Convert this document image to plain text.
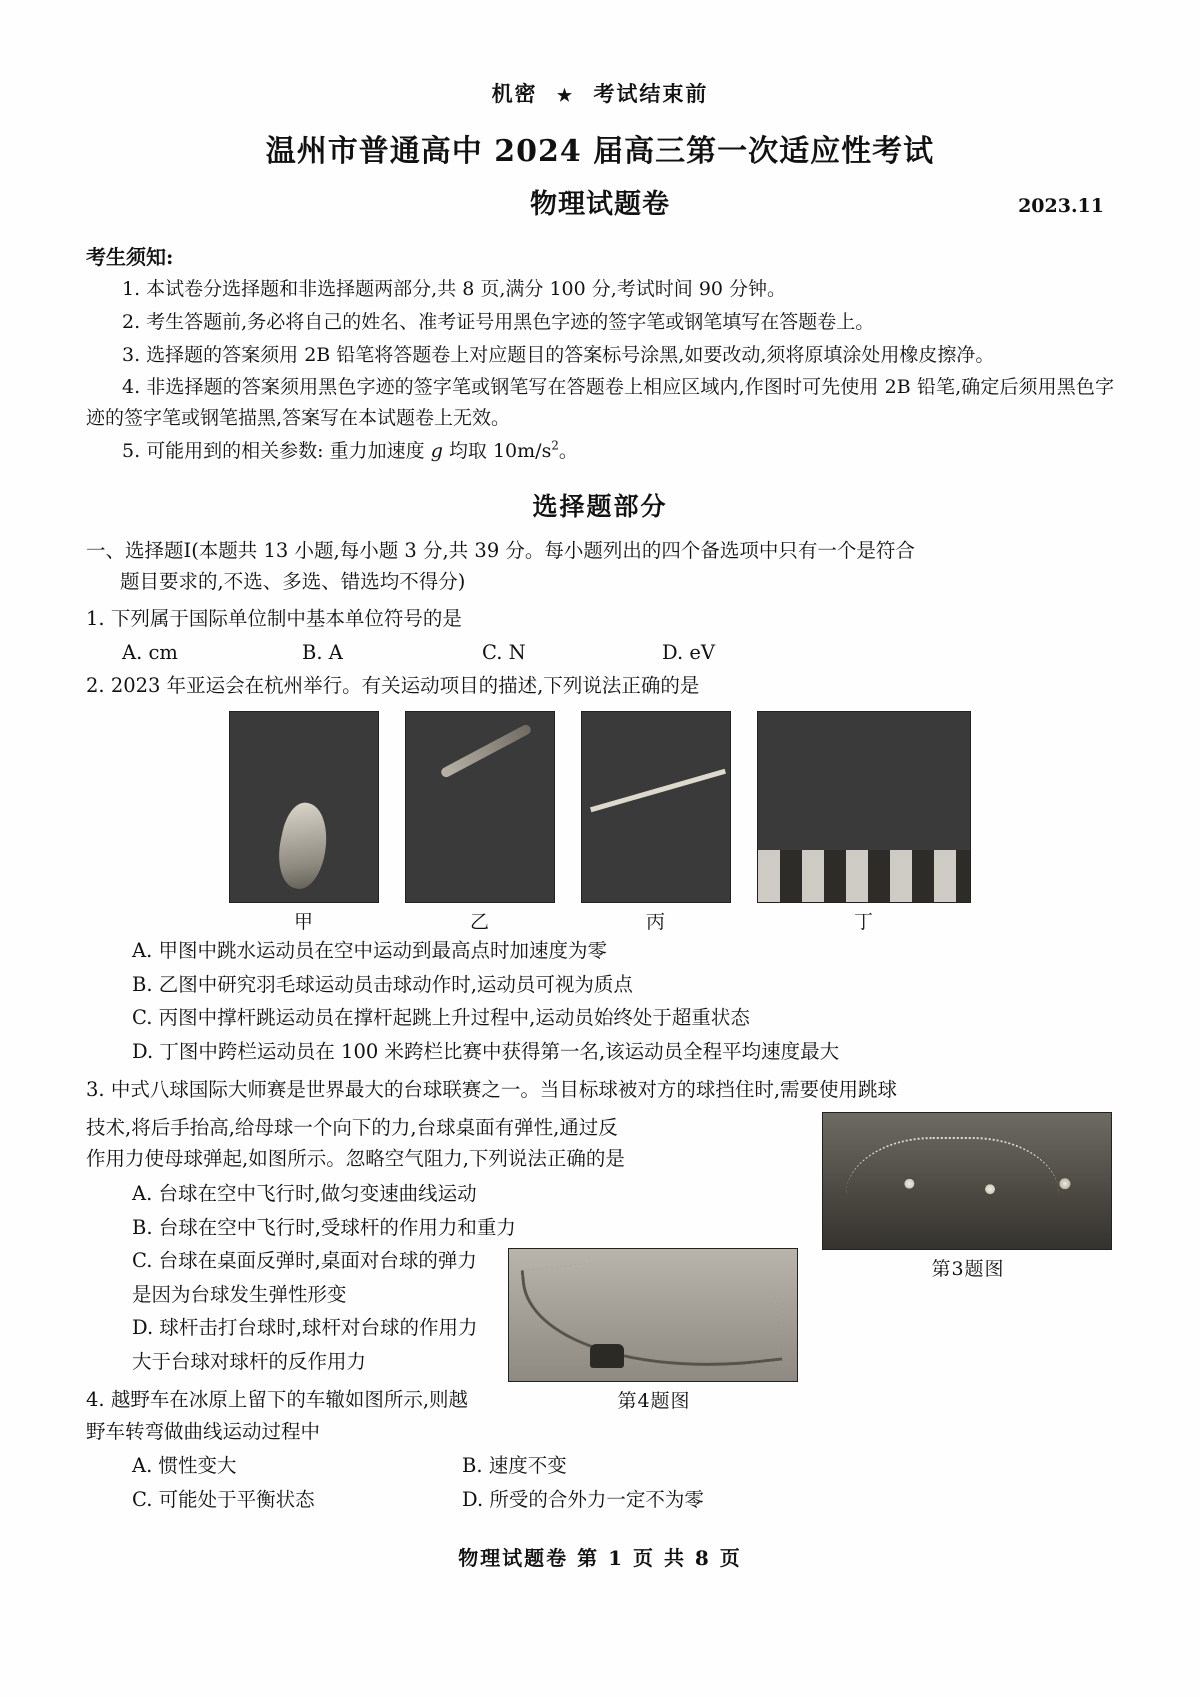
机密 ★ 考试结束前
温州市普通高中 2024 届高三第一次适应性考试
物理试题卷	2023.11
考生须知:
1. 本试卷分选择题和非选择题两部分,共 8 页,满分 100 分,考试时间 90 分钟。
2. 考生答题前,务必将自己的姓名、准考证号用黑色字迹的签字笔或钢笔填写在答题卷上。
3. 选择题的答案须用 2B 铅笔将答题卷上对应题目的答案标号涂黑,如要改动,须将原填涂处用橡皮擦净。
4. 非选择题的答案须用黑色字迹的签字笔或钢笔写在答题卷上相应区域内,作图时可先使用 2B 铅笔,确定后须用黑色字迹的签字笔或钢笔描黑,答案写在本试题卷上无效。
5. 可能用到的相关参数: 重力加速度 g 均取 $10m/s^2$。
选择题部分
一、选择题Ⅰ(本题共 13 小题,每小题 3 分,共 39 分。每小题列出的四个备选项中只有一个是符合
题目要求的,不选、多选、错选均不得分)
1. 下列属于国际单位制中基本单位符号的是
A. cm	B. A	C. N	D. eV
2. 2023 年亚运会在杭州举行。有关运动项目的描述,下列说法正确的是
甲	乙	丙	丁
A. 甲图中跳水运动员在空中运动到最高点时加速度为零
B. 乙图中研究羽毛球运动员击球动作时,运动员可视为质点
C. 丙图中撑杆跳运动员在撑杆起跳上升过程中,运动员始终处于超重状态
D. 丁图中跨栏运动员在 100 米跨栏比赛中获得第一名,该运动员全程平均速度最大
3. 中式八球国际大师赛是世界最大的台球联赛之一。当目标球被对方的球挡住时,需要使用跳球
第3题图
技术,将后手抬高,给母球一个向下的力,台球桌面有弹性,通过反
作用力使母球弹起,如图所示。忽略空气阻力,下列说法正确的是
A. 台球在空中飞行时,做匀变速曲线运动
B. 台球在空中飞行时,受球杆的作用力和重力
第4题图
C. 台球在桌面反弹时,桌面对台球的弹力是因为台球发生弹性形变
D. 球杆击打台球时,球杆对台球的作用力大于台球对球杆的反作用力
4. 越野车在冰原上留下的车辙如图所示,则越野车转弯做曲线运动过程中
A. 惯性变大	B. 速度不变
C. 可能处于平衡状态	D. 所受的合外力一定不为零
物理试题卷 第 1 页 共 8 页
